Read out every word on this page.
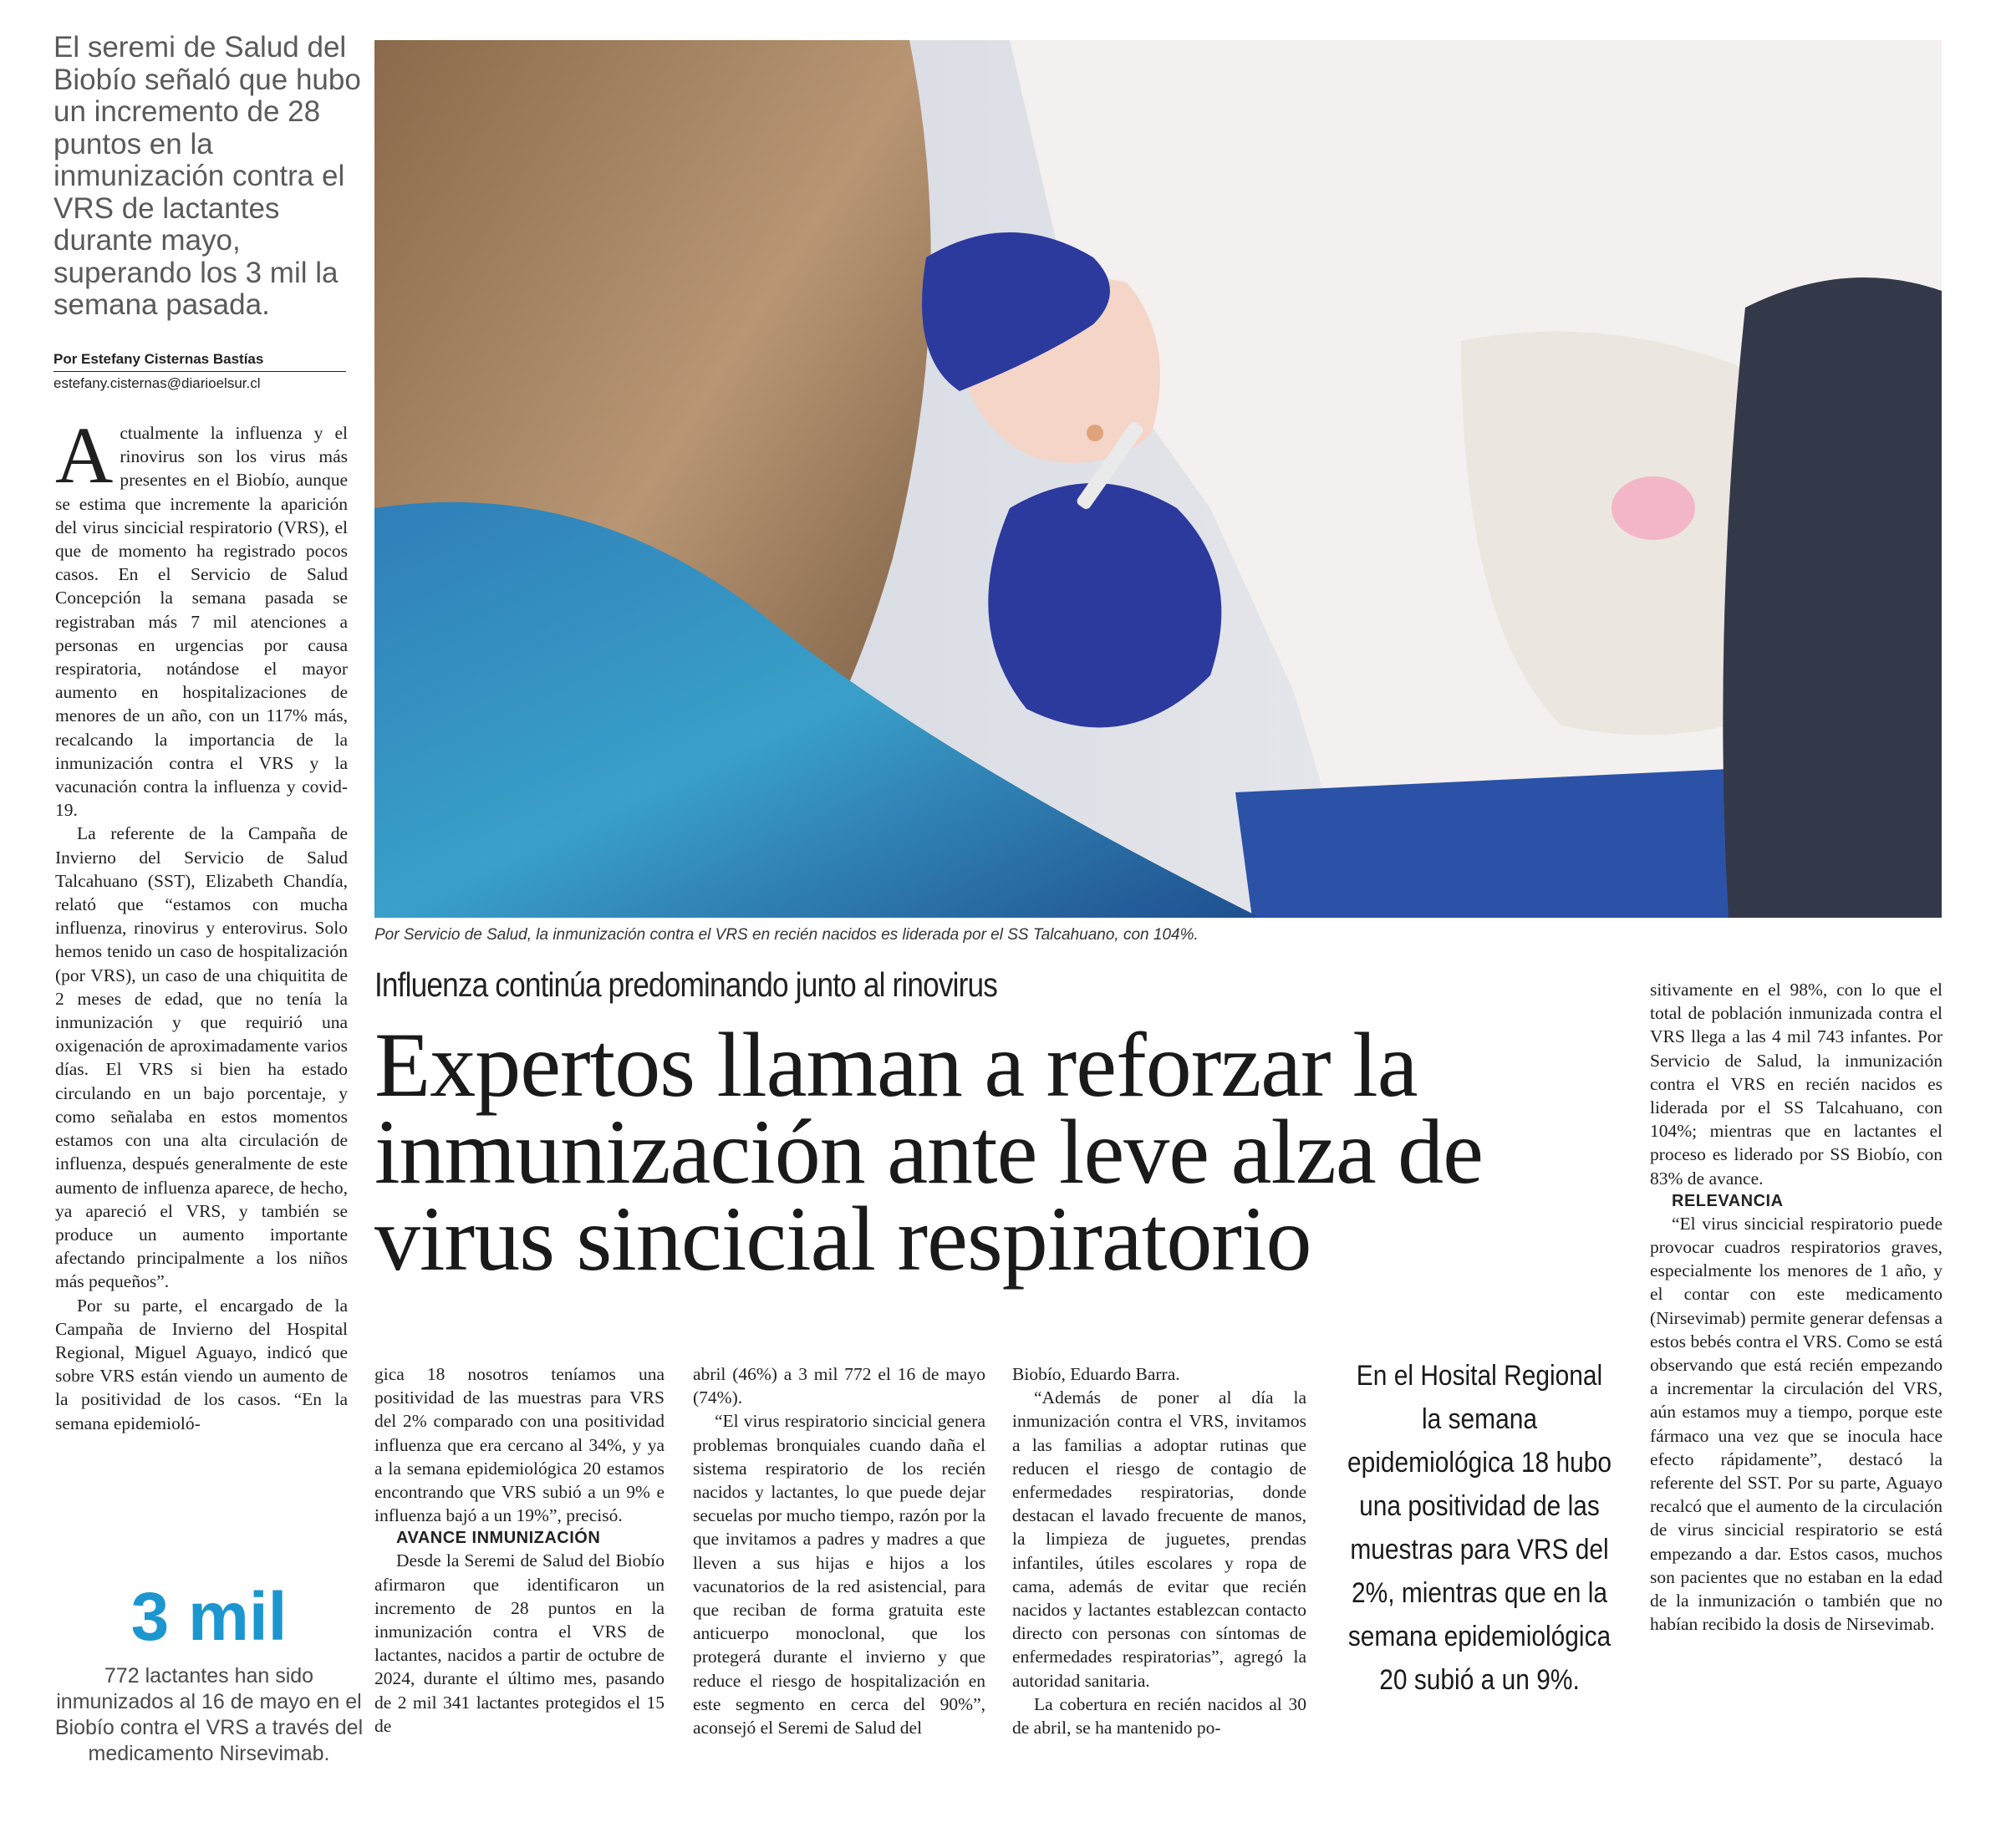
El seremi de Salud del Biobío señaló que hubo un incremento de 28 puntos en la inmunización contra el VRS de lactantes durante mayo, superando los 3 mil la semana pasada.
Por Estefany Cisternas Bastías
estefany.cisternas@diarioelsur.cl

Actualmente la influenza y el rinovirus son los virus más presentes en el Biobío, aunque se estima que incremente la aparición del virus sincicial respiratorio (VRS), el que de momento ha registrado pocos casos. En el Servicio de Salud Concepción la semana pasada se registraban más 7 mil atenciones a personas en urgencias por causa respiratoria, notándose el mayor aumento en hospitalizaciones de menores de un año, con un 117% más, recalcando la importancia de la inmunización contra el VRS y la vacunación contra la influenza y covid-19.

La referente de la Campaña de Invierno del Servicio de Salud Talcahuano (SST), Elizabeth Chandía, relató que “estamos con mucha influenza, rinovirus y enterovirus. Solo hemos tenido un caso de hospitalización (por VRS), un caso de una chiquitita de 2 meses de edad, que no tenía la inmunización y que requirió una oxigenación de aproximadamente varios días. El VRS si bien ha estado circulando en un bajo porcentaje, y como señalaba en estos momentos estamos con una alta circulación de influenza, después generalmente de este aumento de influenza aparece, de hecho, ya apareció el VRS, y también se produce un aumento importante afectando principalmente a los niños más pequeños”.

Por su parte, el encargado de la Campaña de Invierno del Hospital Regional, Miguel Aguayo, indicó que sobre VRS están viendo un aumento de la positividad de los casos. “En la semana epidemioló-

3 mil
772 lactantes han sido inmunizados al 16 de mayo en el Biobío contra el VRS a través del medicamento Nirsevimab.
Por Servicio de Salud, la inmunización contra el VRS en recién nacidos es liderada por el SS Talcahuano, con 104%.
Influenza continúa predominando junto al rinovirus
Expertos llaman a reforzar la inmunización ante leve alza de virus sincicial respiratorio

gica 18 nosotros teníamos una positividad de las muestras para VRS del 2% comparado con una positividad influenza que era cercano al 34%, y ya a la semana epidemiológica 20 estamos encontrando que VRS subió a un 9% e influenza bajó a un 19%”, precisó.

AVANCE INMUNIZACIÓN

Desde la Seremi de Salud del Biobío afirmaron que identificaron un incremento de 28 puntos en la inmunización contra el VRS de lactantes, nacidos a partir de octubre de 2024, durante el último mes, pasando de 2 mil 341 lactantes protegidos el 15 de

abril (46%) a 3 mil 772 el 16 de mayo (74%).

“El virus respiratorio sincicial genera problemas bronquiales cuando daña el sistema respiratorio de los recién nacidos y lactantes, lo que puede dejar secuelas por mucho tiempo, razón por la que invitamos a padres y madres a que lleven a sus hijas e hijos a los vacunatorios de la red asistencial, para que reciban de forma gratuita este anticuerpo monoclonal, que los protegerá durante el invierno y que reduce el riesgo de hospitalización en este segmento en cerca del 90%”, aconsejó el Seremi de Salud del

Biobío, Eduardo Barra.

“Además de poner al día la inmunización contra el VRS, invitamos a las familias a adoptar rutinas que reducen el riesgo de contagio de enfermedades respiratorias, donde destacan el lavado frecuente de manos, la limpieza de juguetes, prendas infantiles, útiles escolares y ropa de cama, además de evitar que recién nacidos y lactantes establezcan contacto directo con personas con síntomas de enfermedades respiratorias”, agregó la autoridad sanitaria.

La cobertura en recién nacidos al 30 de abril, se ha mantenido po-

En el Hosital Regional la semana epidemiológica 18 hubo una positividad de las muestras para VRS del 2%, mientras que en la semana epidemiológica 20 subió a un 9%.

sitivamente en el 98%, con lo que el total de población inmunizada contra el VRS llega a las 4 mil 743 infantes. Por Servicio de Salud, la inmunización contra el VRS en recién nacidos es liderada por el SS Talcahuano, con 104%; mientras que en lactantes el proceso es liderado por SS Biobío, con 83% de avance.

RELEVANCIA

“El virus sincicial respiratorio puede provocar cuadros respiratorios graves, especialmente los menores de 1 año, y el contar con este medicamento (Nirsevimab) permite generar defensas a estos bebés contra el VRS. Como se está observando que está recién empezando a incrementar la circulación del VRS, aún estamos muy a tiempo, porque este fármaco una vez que se inocula hace efecto rápidamente”, destacó la referente del SST. Por su parte, Aguayo recalcó que el aumento de la circulación de virus sincicial respiratorio se está empezando a dar. Estos casos, muchos son pacientes que no estaban en la edad de la inmunización o también que no habían recibido la dosis de Nirsevimab.
